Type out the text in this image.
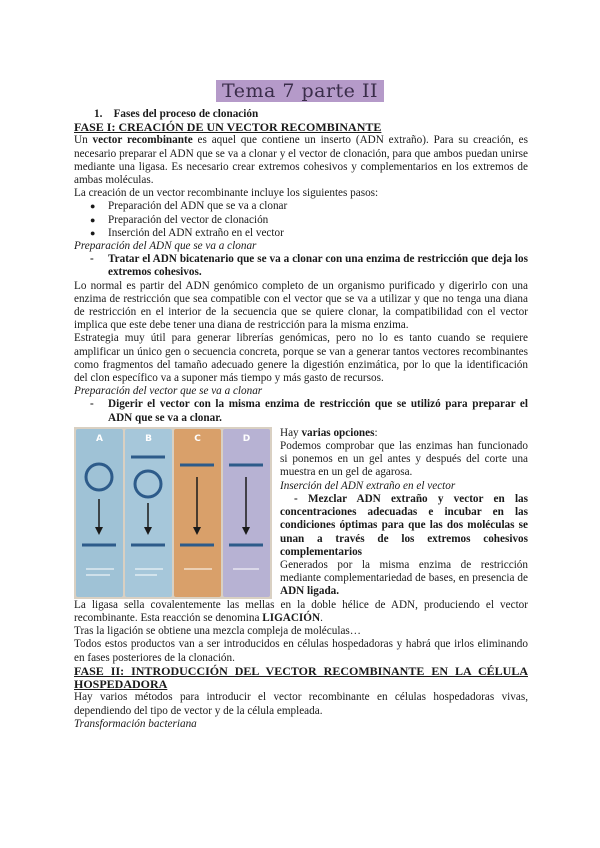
Tema 7 parte II

1. Fases del proceso de clonación

FASE I: CREACIÓN DE UN VECTOR RECOMBINANTE

Un vector recombinante es aquel que contiene un inserto (ADN extraño). Para su creación, es necesario preparar el ADN que se va a clonar y el vector de clonación, para que ambos puedan unirse mediante una ligasa. Es necesario crear extremos cohesivos y complementarios en los extremos de ambas moléculas.

La creación de un vector recombinante incluye los siguientes pasos:

● Preparación del ADN que se va a clonar
● Preparación del vector de clonación
● Inserción del ADN extraño en el vector

Preparación del ADN que se va a clonar

- Tratar el ADN bicatenario que se va a clonar con una enzima de restricción que deja los extremos cohesivos.

Lo normal es partir del ADN genómico completo de un organismo purificado y digerirlo con una enzima de restricción que sea compatible con el vector que se va a utilizar y que no tenga una diana de restricción en el interior de la secuencia que se quiere clonar, la compatibilidad con el vector implica que este debe tener una diana de restricción para la misma enzima.

Estrategia muy útil para generar librerías genómicas, pero no lo es tanto cuando se requiere amplificar un único gen o secuencia concreta, porque se van a generar tantos vectores recombinantes como fragmentos del tamaño adecuado genere la digestión enzimática, por lo que la identificación del clon específico va a suponer más tiempo y más gasto de recursos.

Preparación del vector que se va a clonar

- Digerir el vector con la misma enzima de restricción que se utilizó para preparar el ADN que se va a clonar.

A	B	C	D	Hay varias opciones:

Podemos comprobar que las enzimas han funcionado si ponemos en un gel antes y después del corte una muestra en un gel de agarosa.

Inserción del ADN extraño en el vector

- Mezclar ADN extraño y vector en las concentraciones adecuadas e incubar en las condiciones óptimas para que las dos moléculas se unan a través de los extremos cohesivos complementarios

Generados por la misma enzima de restricción mediante complementariedad de bases, en presencia de ADN ligada.

La ligasa sella covalentemente las mellas en la doble hélice de ADN, produciendo el vector recombinante. Esta reacción se denomina LIGACIÓN.

Tras la ligación se obtiene una mezcla compleja de moléculas…

Todos estos productos van a ser introducidos en células hospedadoras y habrá que irlos eliminando en fases posteriores de la clonación.

FASE II: INTRODUCCIÓN DEL VECTOR RECOMBINANTE EN LA CÉLULA HOSPEDADORA

Hay varios métodos para introducir el vector recombinante en células hospedadoras vivas, dependiendo del tipo de vector y de la célula empleada.

Transformación bacteriana
